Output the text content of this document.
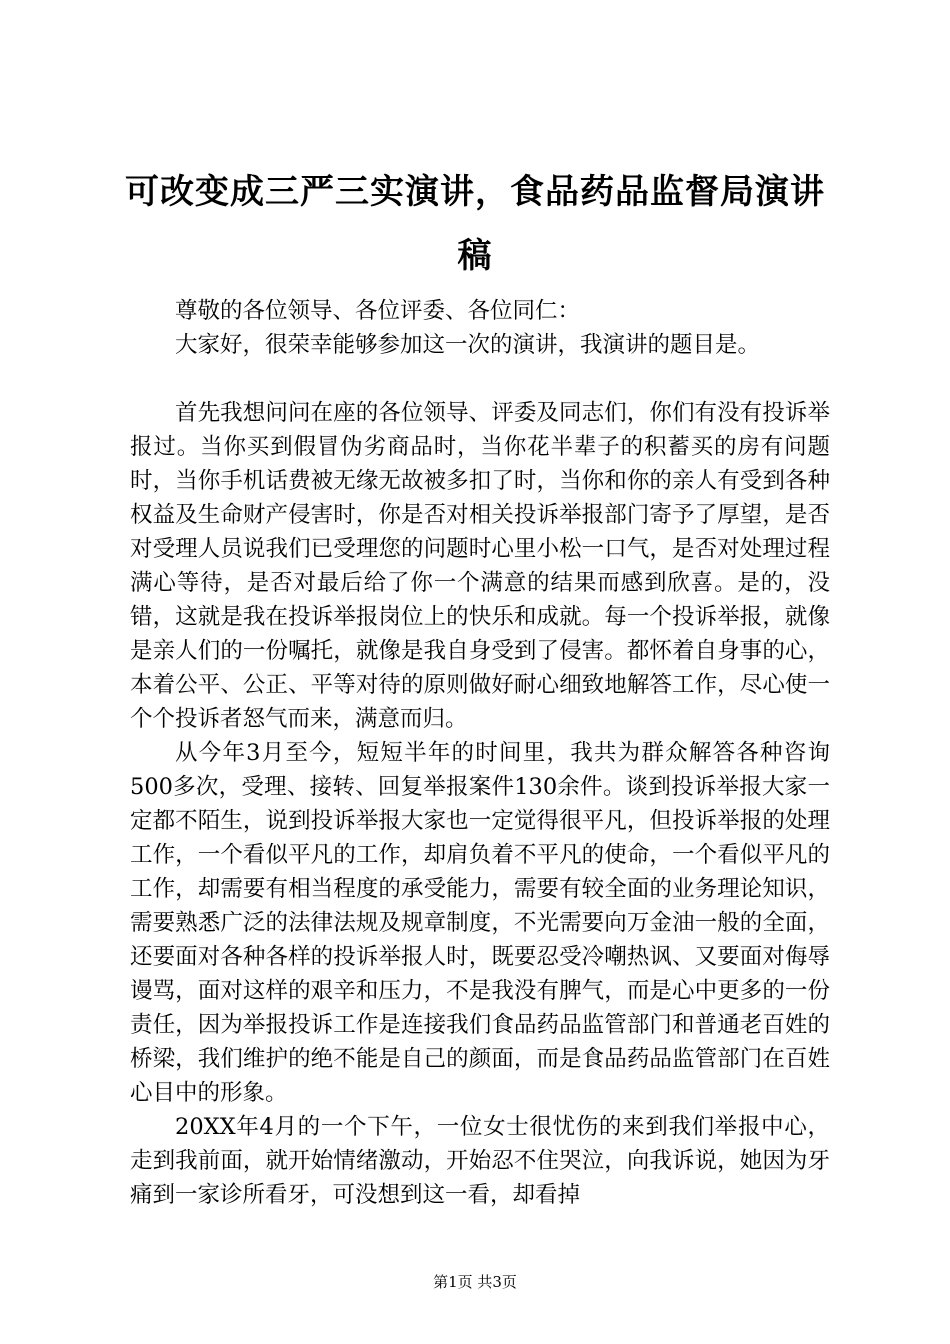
可改变成三严三实演讲，食品药品监督局演讲稿

尊敬的各位领导、各位评委、各位同仁：

大家好，很荣幸能够参加这一次的演讲，我演讲的题目是。

首先我想问问在座的各位领导、评委及同志们，你们有没有投诉举报过。当你买到假冒伪劣商品时，当你花半辈子的积蓄买的房有问题时，当你手机话费被无缘无故被多扣了时，当你和你的亲人有受到各种权益及生命财产侵害时，你是否对相关投诉举报部门寄予了厚望，是否对受理人员说我们已受理您的问题时心里小松一口气，是否对处理过程满心等待，是否对最后给了你一个满意的结果而感到欣喜。是的，没错，这就是我在投诉举报岗位上的快乐和成就。每一个投诉举报，就像是亲人们的一份嘱托，就像是我自身受到了侵害。都怀着自身事的心，本着公平、公正、平等对待的原则做好耐心细致地解答工作，尽心使一个个投诉者怒气而来，满意而归。

从今年3月至今，短短半年的时间里，我共为群众解答各种咨询500多次，受理、接转、回复举报案件130余件。谈到投诉举报大家一定都不陌生，说到投诉举报大家也一定觉得很平凡，但投诉举报的处理工作，一个看似平凡的工作，却肩负着不平凡的使命，一个看似平凡的工作，却需要有相当程度的承受能力，需要有较全面的业务理论知识，需要熟悉广泛的法律法规及规章制度，不光需要向万金油一般的全面，还要面对各种各样的投诉举报人时，既要忍受冷嘲热讽、又要面对侮辱谩骂，面对这样的艰辛和压力，不是我没有脾气，而是心中更多的一份责任，因为举报投诉工作是连接我们食品药品监管部门和普通老百姓的桥梁，我们维护的绝不能是自己的颜面，而是食品药品监管部门在百姓心目中的形象。

20XX年4月的一个下午，一位女士很忧伤的来到我们举报中心，走到我前面，就开始情绪激动，开始忍不住哭泣，向我诉说，她因为牙痛到一家诊所看牙，可没想到这一看，却看掉

第1页 共3页
